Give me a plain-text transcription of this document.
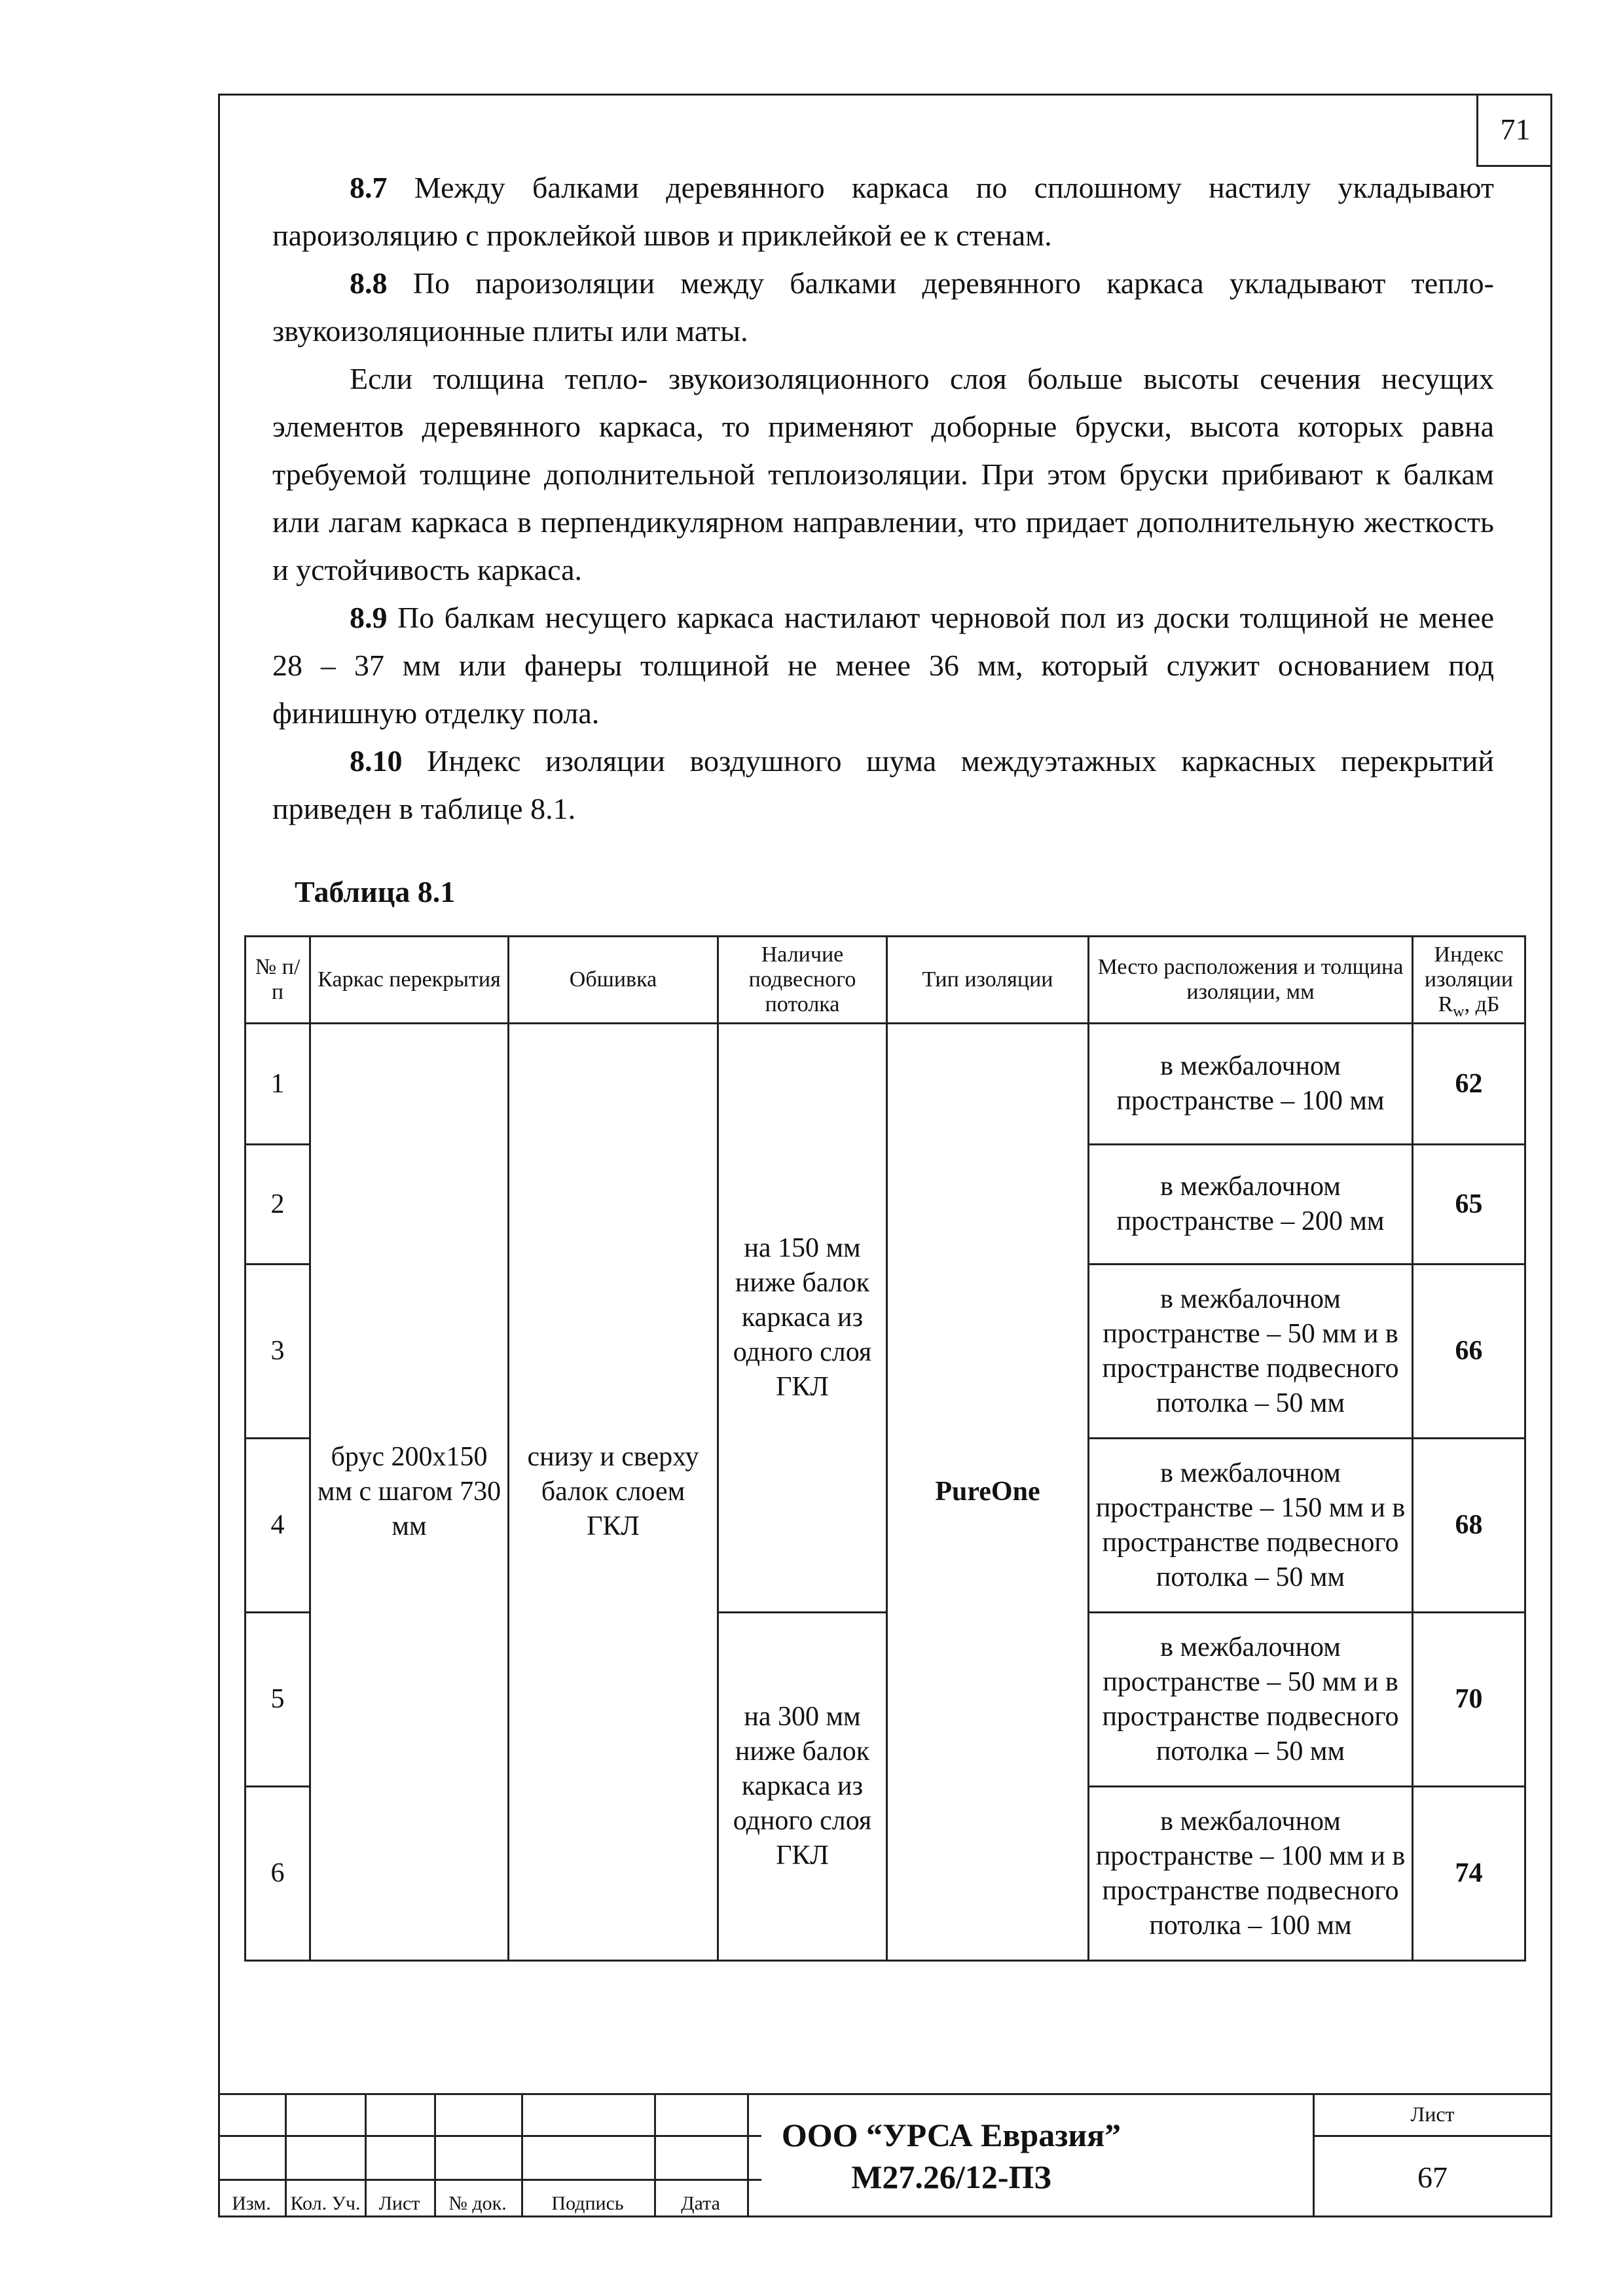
71

8.7 Между балками деревянного каркаса по сплошному настилу укладывают пароизоляцию с проклейкой швов и приклейкой ее к стенам.

8.8 По пароизоляции между балками деревянного каркаса укладывают тепло- звукоизоляционные плиты или маты.

Если толщина тепло- звукоизоляционного слоя больше высоты сечения несущих элементов деревянного каркаса, то применяют доборные бруски, высота которых равна требуемой толщине дополнительной теплоизоляции. При этом бруски прибивают к балкам или лагам каркаса в перпендикулярном направлении, что придает дополнительную жесткость и устойчивость каркаса.

8.9 По балкам несущего каркаса настилают черновой пол из доски толщиной не менее 28 – 37 мм или фанеры толщиной не менее 36 мм, который служит основанием под финишную отделку пола.

8.10 Индекс изоляции воздушного шума междуэтажных каркасных перекрытий приведен в таблице 8.1.

Таблица 8.1
№ п/п	Каркас перекрытия	Обшивка	Наличие подвесного потолка	Тип изоляции	Место расположения и толщина изоляции, мм	Индекс изоляции $R_w$, дБ
1	брус 200х150 мм с шагом 730 мм	снизу и сверху балок слоем ГКЛ	на 150 мм ниже балок каркаса из одного слоя ГКЛ	PureOne	в межбалочном пространстве – 100 мм	62
2					в межбалочном пространстве – 200 мм	65
3					в межбалочном пространстве – 50 мм и в пространстве подвесного потолка – 50 мм	66
4					в межбалочном пространстве – 150 мм и в пространстве подвесного потолка – 50 мм	68
5			на 300 мм ниже балок каркаса из одного слоя ГКЛ		в межбалочном пространстве – 50 мм и в пространстве подвесного потолка – 50 мм	70
6					в межбалочном пространстве – 100 мм и в пространстве подвесного потолка – 100 мм	74
Изм. Кол. Уч. Лист	№ док.	Подпись	Дата
ООО “УРСА Евразия”
М27.26/12-ПЗ
Лист
67
